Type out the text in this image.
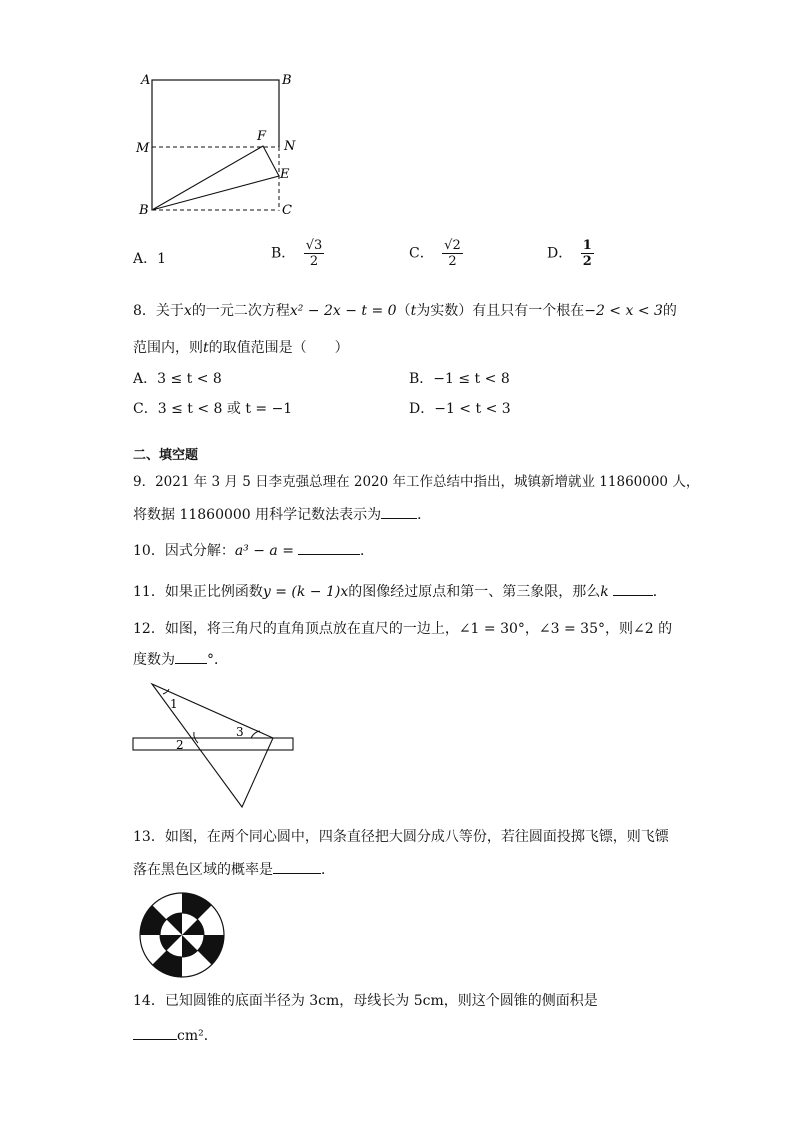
A	B
M	N
F
E
B	C
A．1	B． $\frac{√3}{2}$	C． $\frac{√2}{2}$	D． $\frac{1}{2}$
8．关于x的一元二次方程x² − 2x − t = 0（t为实数）有且只有一个根在−2 < x < 3的
范围内，则t的取值范围是（　　）
A．3 ≤ t < 8	B．−1 ≤ t < 8
C．3 ≤ t < 8 或 t = −1	D．−1 < t < 3
二、填空题
9．2021 年 3 月 5 日李克强总理在 2020 年工作总结中指出，城镇新增就业 11860000 人，
将数据 11860000 用科学记数法表示为	．
10．因式分解：a³ − a =	．
11．如果正比例函数y = (k − 1)x的图像经过原点和第一、第三象限，那么k	．
12．如图，将三角尺的直角顶点放在直尺的一边上，∠1 = 30°，∠3 = 35°，则∠2 的
度数为 °．
1
2
3
13．如图，在两个同心圆中，四条直径把大圆分成八等份，若往圆面投掷飞镖，则飞镖
落在黑色区域的概率是	．
14．已知圆锥的底面半径为 3cm，母线长为 5cm，则这个圆锥的侧面积是
cm²．
